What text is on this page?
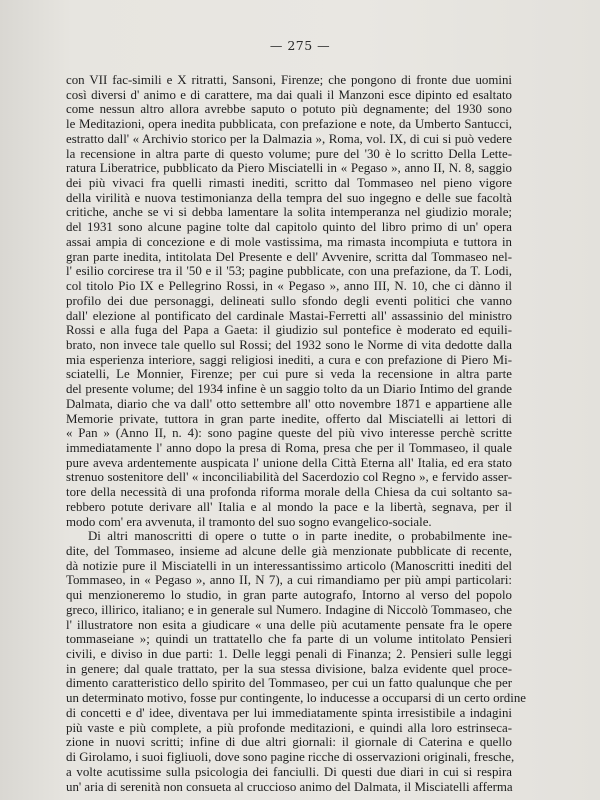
— 275 —
con VII fac-simili e X ritratti, Sansoni, Firenze; che pongono di fronte due uomini
così diversi d' animo e di carattere, ma dai quali il Manzoni esce dipinto ed esaltato
come nessun altro allora avrebbe saputo o potuto più degnamente; del 1930 sono
le Meditazioni, opera inedita pubblicata, con prefazione e note, da Umberto Santucci,
estratto dall' « Archivio storico per la Dalmazia », Roma, vol. IX, di cui si può vedere
la recensione in altra parte di questo volume; pure del '30 è lo scritto Della Lette-
ratura Liberatrice, pubblicato da Piero Misciatelli in « Pegaso », anno II, N. 8, saggio
dei più vivaci fra quelli rimasti inediti, scritto dal Tommaseo nel pieno vigore
della virilità e nuova testimonianza della tempra del suo ingegno e delle sue facoltà
critiche, anche se vi si debba lamentare la solita intemperanza nel giudizio morale;
del 1931 sono alcune pagine tolte dal capitolo quinto del libro primo di un' opera
assai ampia di concezione e di mole vastissima, ma rimasta incompiuta e tuttora in
gran parte inedita, intitolata Del Presente e dell' Avvenire, scritta dal Tommaseo nel-
l' esilio corcirese tra il '50 e il '53; pagine pubblicate, con una prefazione, da T. Lodi,
col titolo Pio IX e Pellegrino Rossi, in « Pegaso », anno III, N. 10, che ci dànno il
profilo dei due personaggi, delineati sullo sfondo degli eventi politici che vanno
dall' elezione al pontificato del cardinale Mastai-Ferretti all' assassinio del ministro
Rossi e alla fuga del Papa a Gaeta: il giudizio sul pontefice è moderato ed equili-
brato, non invece tale quello sul Rossi; del 1932 sono le Norme di vita dedotte dalla
mia esperienza interiore, saggi religiosi inediti, a cura e con prefazione di Piero Mi-
sciatelli, Le Monnier, Firenze; per cui pure si veda la recensione in altra parte
del presente volume; del 1934 infine è un saggio tolto da un Diario Intimo del grande
Dalmata, diario che va dall' otto settembre all' otto novembre 1871 e appartiene alle
Memorie private, tuttora in gran parte inedite, offerto dal Misciatelli ai lettori di
« Pan » (Anno II, n. 4): sono pagine queste del più vivo interesse perchè scritte
immediatamente l' anno dopo la presa di Roma, presa che per il Tommaseo, il quale
pure aveva ardentemente auspicata l' unione della Città Eterna all' Italia, ed era stato
strenuo sostenitore dell' « inconciliabilità del Sacerdozio col Regno », e fervido asser-
tore della necessità di una profonda riforma morale della Chiesa da cui soltanto sa-
rebbero potute derivare all' Italia e al mondo la pace e la libertà, segnava, per il
modo com' era avvenuta, il tramonto del suo sogno evangelico-sociale.
Di altri manoscritti di opere o tutte o in parte inedite, o probabilmente ine-
dite, del Tommaseo, insieme ad alcune delle già menzionate pubblicate di recente,
dà notizie pure il Misciatelli in un interessantissimo articolo (Manoscritti inediti del
Tommaseo, in « Pegaso », anno II, N 7), a cui rimandiamo per più ampi particolari:
qui menzioneremo lo studio, in gran parte autografo, Intorno al verso del popolo
greco, illirico, italiano; e in generale sul Numero. Indagine di Niccolò Tommaseo, che
l' illustratore non esita a giudicare « una delle più acutamente pensate fra le opere
tommaseiane »; quindi un trattatello che fa parte di un volume intitolato Pensieri
civili, e diviso in due parti: 1. Delle leggi penali di Finanza; 2. Pensieri sulle leggi
in genere; dal quale trattato, per la sua stessa divisione, balza evidente quel proce-
dimento caratteristico dello spirito del Tommaseo, per cui un fatto qualunque che per
un determinato motivo, fosse pur contingente, lo inducesse a occuparsi di un certo ordine
di concetti e d' idee, diventava per lui immediatamente spinta irresistibile a indagini
più vaste e più complete, a più profonde meditazioni, e quindi alla loro estrinseca-
zione in nuovi scritti; infine di due altri giornali: il giornale di Caterina e quello
di Girolamo, i suoi figliuoli, dove sono pagine ricche di osservazioni originali, fresche,
a volte acutissime sulla psicologia dei fanciulli. Di questi due diari in cui si respira
un' aria di serenità non consueta al cruccioso animo del Dalmata, il Misciatelli afferma
